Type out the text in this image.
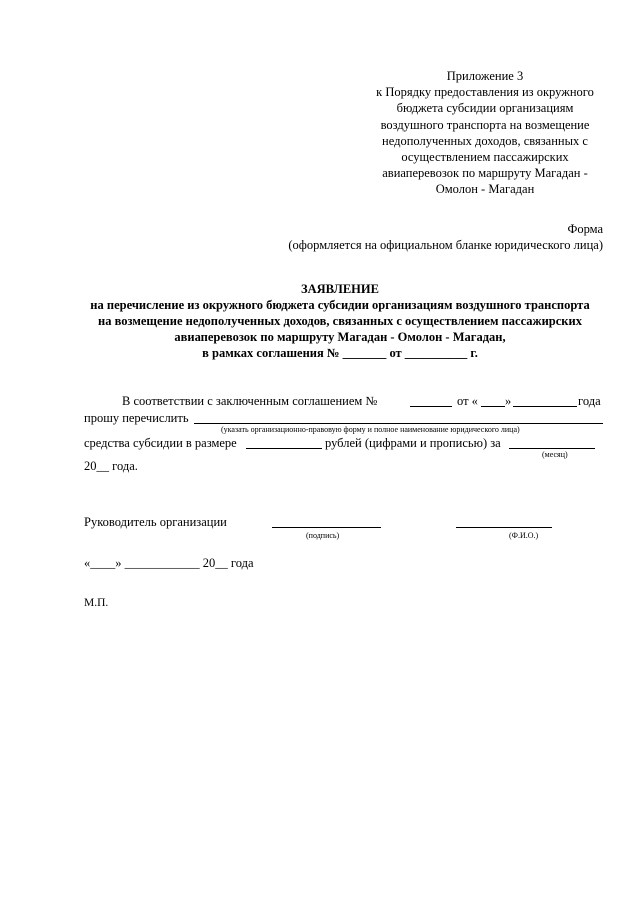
Приложение 3
к Порядку предоставления из окружного
бюджета субсидии организациям
воздушного транспорта на возмещение
недополученных доходов, связанных с
осуществлением пассажирских
авиаперевозок по маршруту Магадан -
Омолон - Магадан
Форма
(оформляется на официальном бланке юридического лица)
ЗАЯВЛЕНИЕ
на перечисление из окружного бюджета субсидии организациям воздушного транспорта
на возмещение недополученных доходов, связанных с осуществлением пассажирских
авиаперевозок по маршруту Магадан - Омолон - Магадан,
в рамках соглашения № _______ от __________ г.
В соответствии с заключенным соглашением №	от « »	года
прошу перечислить
(указать организационно-правовую форму и полное наименование юридического лица)
средства субсидии в размере	рублей (цифрами и прописью) за
(месяц)
20__ года.
Руководитель организации
(подпись)	(Ф.И.О.)
«____» ____________ 20__ года
М.П.
